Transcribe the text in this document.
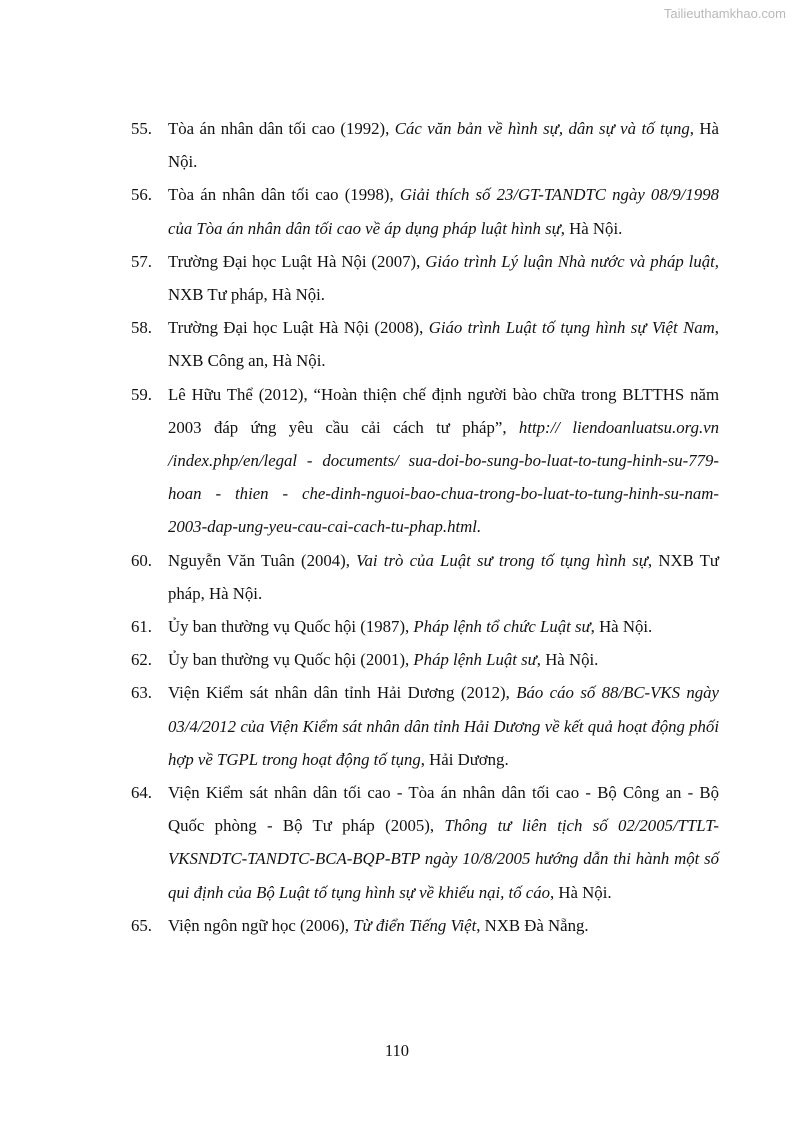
Tailieuthamkhao.com
55. Tòa án nhân dân tối cao (1992), Các văn bản về hình sự, dân sự và tố tụng, Hà Nội.
56. Tòa án nhân dân tối cao (1998), Giải thích số 23/GT-TANDTC ngày 08/9/1998 của Tòa án nhân dân tối cao về áp dụng pháp luật hình sự, Hà Nội.
57. Trường Đại học Luật Hà Nội (2007), Giáo trình Lý luận Nhà nước và pháp luật, NXB Tư pháp, Hà Nội.
58. Trường Đại học Luật Hà Nội (2008), Giáo trình Luật tố tụng hình sự Việt Nam, NXB Công an, Hà Nội.
59. Lê Hữu Thể (2012), “Hoàn thiện chế định người bào chữa trong BLTTHS năm 2003 đáp ứng yêu cầu cải cách tư pháp”, http:// liendoanluatsu.org.vn /index.php/en/legal - documents/ sua-doi-bo-sung-bo-luat-to-tung-hinh-su-779-hoan - thien - che-dinh-nguoi-bao-chua-trong-bo-luat-to-tung-hinh-su-nam-2003-dap-ung-yeu-cau-cai-cach-tu-phap.html.
60. Nguyễn Văn Tuân (2004), Vai trò của Luật sư trong tố tụng hình sự, NXB Tư pháp, Hà Nội.
61. Ủy ban thường vụ Quốc hội (1987), Pháp lệnh tổ chức Luật sư, Hà Nội.
62. Ủy ban thường vụ Quốc hội (2001), Pháp lệnh Luật sư, Hà Nội.
63. Viện Kiểm sát nhân dân tỉnh Hải Dương (2012), Báo cáo số 88/BC-VKS ngày 03/4/2012 của Viện Kiểm sát nhân dân tỉnh Hải Dương về kết quả hoạt động phối hợp về TGPL trong hoạt động tố tụng, Hải Dương.
64. Viện Kiểm sát nhân dân tối cao - Tòa án nhân dân tối cao - Bộ Công an - Bộ Quốc phòng - Bộ Tư pháp (2005), Thông tư liên tịch số 02/2005/TTLT-VKSNDTC-TANDTC-BCA-BQP-BTP ngày 10/8/2005 hướng dẫn thi hành một số qui định của Bộ Luật tố tụng hình sự về khiếu nại, tố cáo, Hà Nội.
65. Viện ngôn ngữ học (2006), Từ điển Tiếng Việt, NXB Đà Nẵng.
110
